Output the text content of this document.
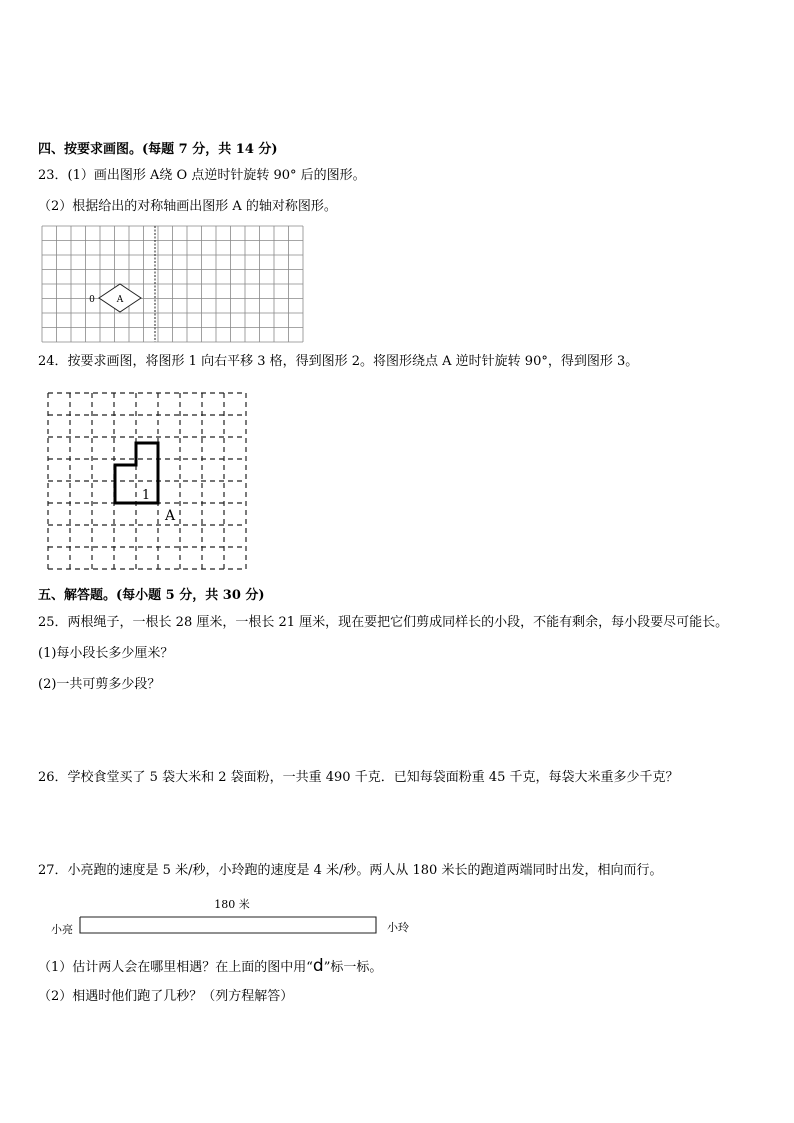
四、按要求画图。(每题 7 分，共 14 分)
23．(1）画出图形 A绕 O 点逆时针旋转 90° 后的图形。
（2）根据给出的对称轴画出图形 A 的轴对称图形。
A
0
24．按要求画图，将图形 1 向右平移 3 格，得到图形 2。将图形绕点 A 逆时针旋转 90°，得到图形 3。
1
A
五、解答题。(每小题 5 分，共 30 分)
25．两根绳子，一根长 28 厘米，一根长 21 厘米，现在要把它们剪成同样长的小段，不能有剩余，每小段要尽可能长。
(1)每小段长多少厘米？
(2)一共可剪多少段？
26．学校食堂买了 5 袋大米和 2 袋面粉，一共重 490 千克．已知每袋面粉重 45 千克，每袋大米重多少千克？
27．小亮跑的速度是 5 米/秒，小玲跑的速度是 4 米/秒。两人从 180 米长的跑道两端同时出发，相向而行。
180 米
小亮	小玲
（1）估计两人会在哪里相遇？在上面的图中用“d”标一标。
（2）相遇时他们跑了几秒？（列方程解答）
